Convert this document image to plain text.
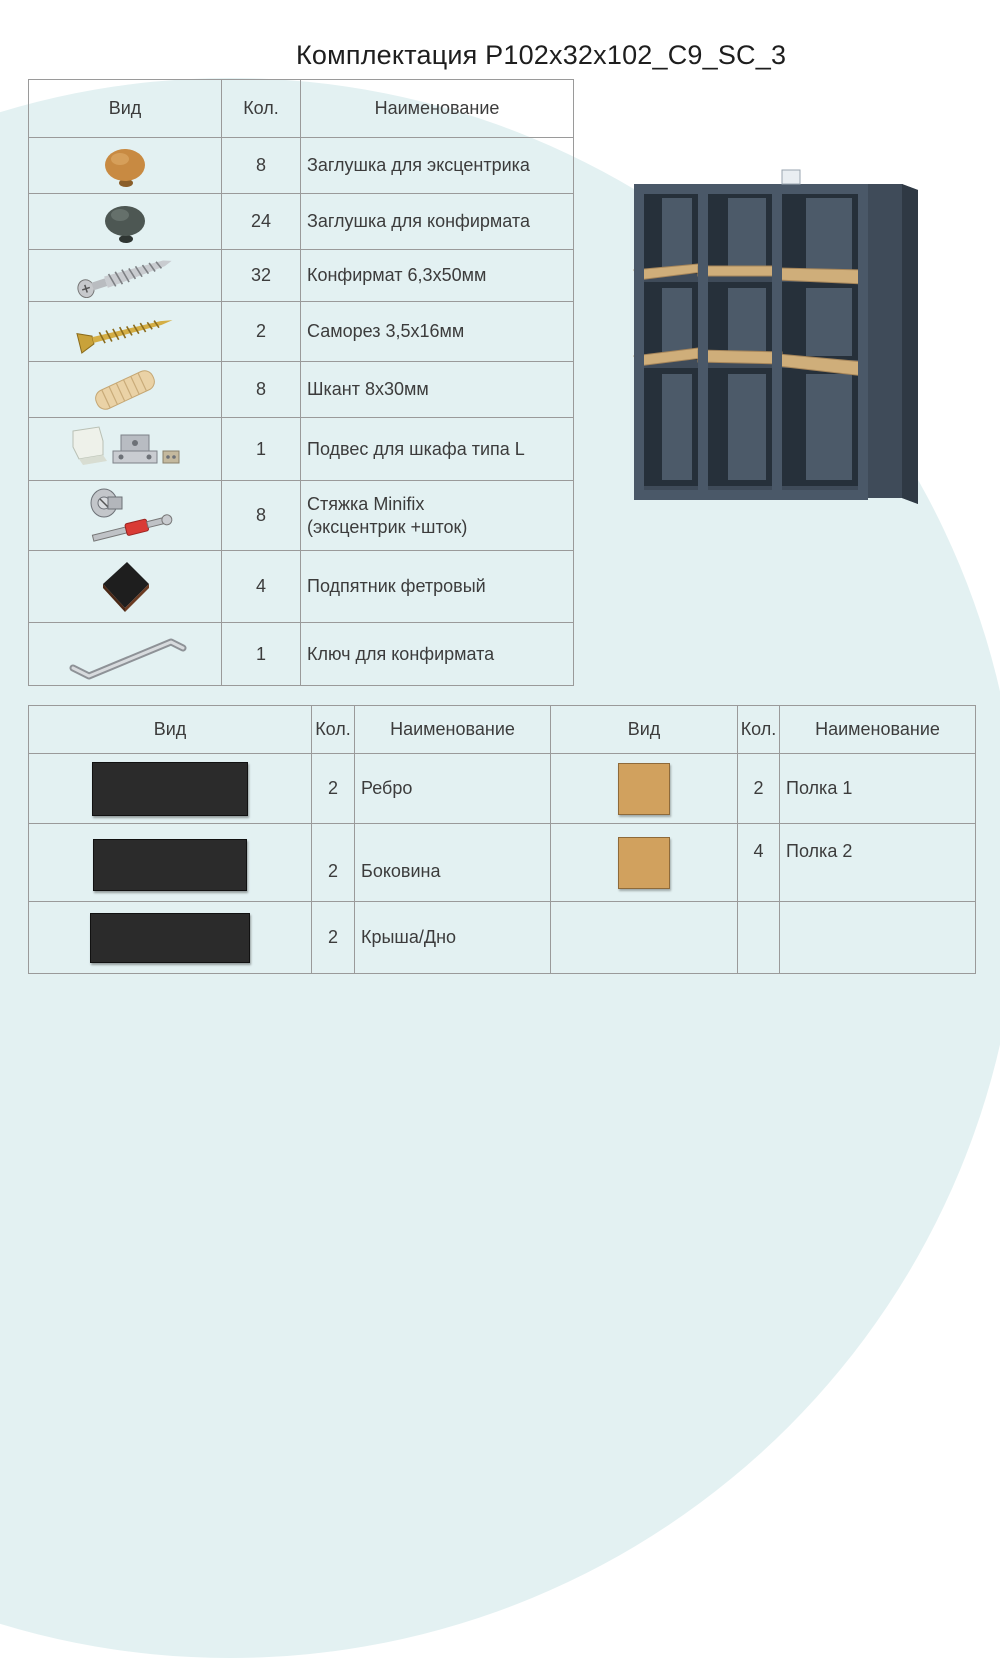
Комплектация Р102х32х102_С9_SC_3
Вид	Кол.	Наименование

	8	Заглушка для эксцентрика

	24	Заглушка для конфирмата

	32	Конфирмат 6,3х50мм

	2	Саморез 3,5х16мм

	8	Шкант 8х30мм

	1	Подвес для шкафа типа L

	8	Стяжка Minifix
(эксцентрик +шток)

	4	Подпятник фетровый

	1	Ключ для конфирмата
Вид	Кол.	Наименование	Вид	Кол.	Наименование

	2	Ребро		2	Полка 1

	2	Боковина		4	Полка 2

	2	Крыша/Дно			
